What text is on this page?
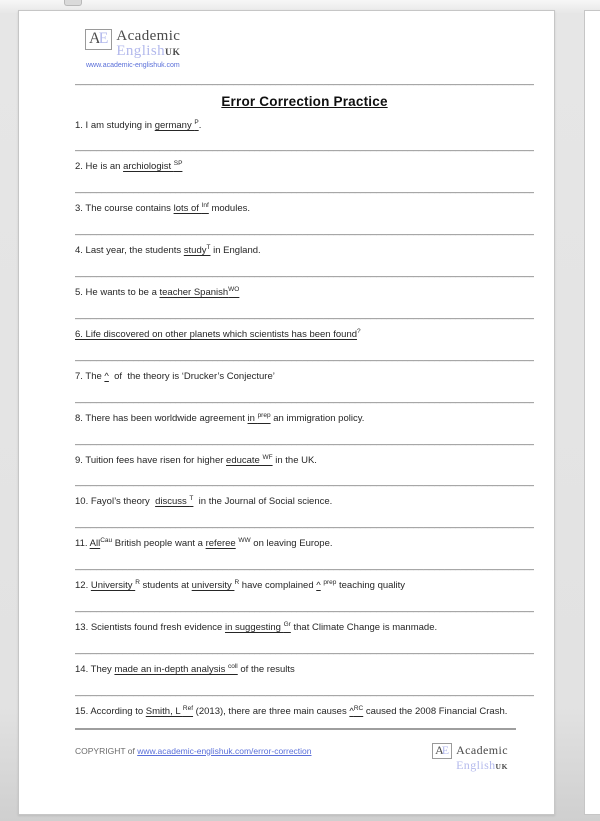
AE Academic
EnglishUK
www.academic-englishuk.com
_____
Error Correction Practice
1. I am studying in germany $^P$.
_____
2. He is an archiologist $^{SP}$
_____
3. The course contains lots of $^{Inf}$ modules.
_____
4. Last year, the students study$^T$ in England.
_____
5. He wants to be a teacher Spanish$^{WO}$
_____
6. Life discovered on other planets which scientists has been found?
_____
7. The ^  of  the theory is ‘Drucker’s Conjecture’
_____
8. There has been worldwide agreement in $^{prep}$ an immigration policy.
_____
9. Tuition fees have risen for higher educate $^{WF}$ in the UK.
_____
10. Fayol’s theory  discuss $^T$  in the Journal of Social science.
_____
11. All$^{Cau}$ British people want a referee $^{WW}$ on leaving Europe.
_____
12. University $^R$ students at university $^R$ have complained ^ $^{prep}$ teaching quality
_____
13. Scientists found fresh evidence in suggesting $^{Gr}$ that Climate Change is manmade.
_____
14. They made an in-depth analysis $^{coll}$ of the results
_____
15. According to Smith, L $^{Ref}$ (2013), there are three main causes ^$^{RC}$ caused the 2008 Financial Crash.
COPYRIGHT of www.academic-englishuk.com/error-correction	AE Academic
EnglishUK
